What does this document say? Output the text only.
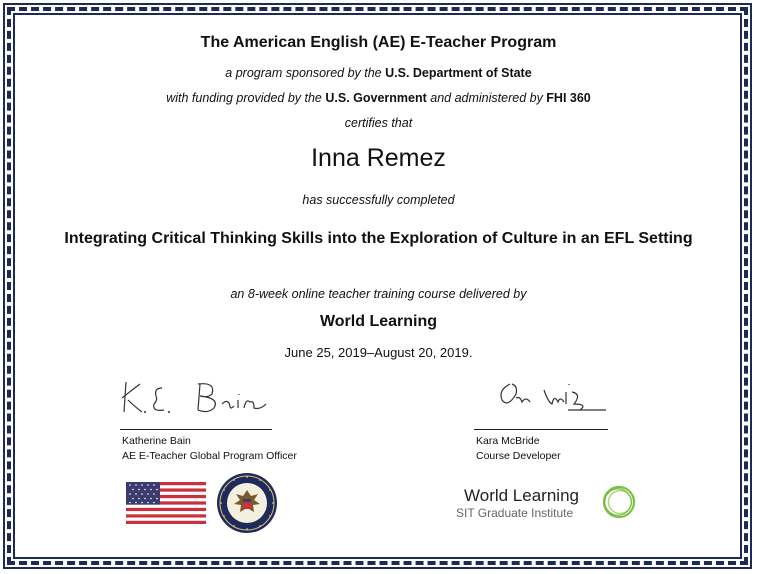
The American English (AE) E-Teacher Program
a program sponsored by the U.S. Department of State
with funding provided by the U.S. Government and administered by FHI 360
certifies that
Inna Remez
has successfully completed
Integrating Critical Thinking Skills into the Exploration of Culture in an EFL Setting
an 8-week online teacher training course delivered by
World Learning
June 25, 2019–August 20, 2019.
Katherine Bain
AE E-Teacher Global Program Officer
Kara McBride
Course Developer
World Learning
SIT Graduate Institute
